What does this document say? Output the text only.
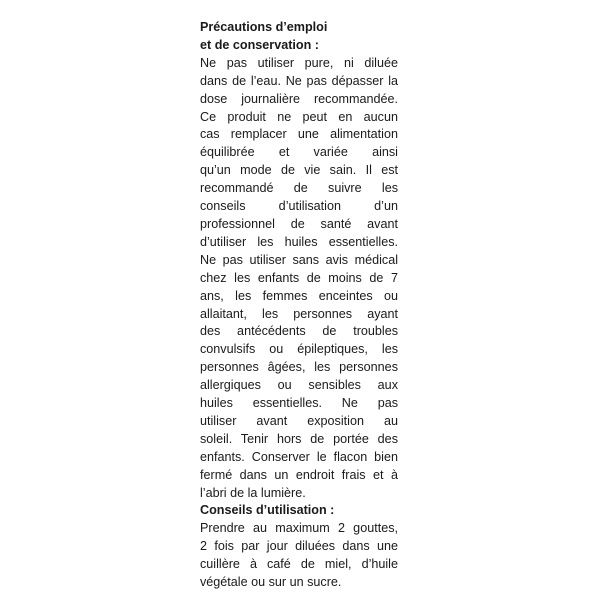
Précautions d’emploi
et de conservation :
Ne pas utiliser pure, ni diluée
dans de l’eau. Ne pas dépasser la
dose journalière recommandée.
Ce produit ne peut en aucun
cas remplacer une alimentation
équilibrée et variée ainsi
qu’un mode de vie sain. Il est
recommandé de suivre les
conseils d’utilisation d’un
professionnel de santé avant
d’utiliser les huiles essentielles.
Ne pas utiliser sans avis médical
chez les enfants de moins de 7
ans, les femmes enceintes ou
allaitant, les personnes ayant
des antécédents de troubles
convulsifs ou épileptiques, les
personnes âgées, les personnes
allergiques ou sensibles aux
huiles essentielles. Ne pas
utiliser avant exposition au
soleil. Tenir hors de portée des
enfants. Conserver le flacon bien
fermé dans un endroit frais et à
l’abri de la lumière.
Conseils d’utilisation :
Prendre au maximum 2 gouttes,
2 fois par jour diluées dans une
cuillère à café de miel, d’huile
végétale ou sur un sucre.
